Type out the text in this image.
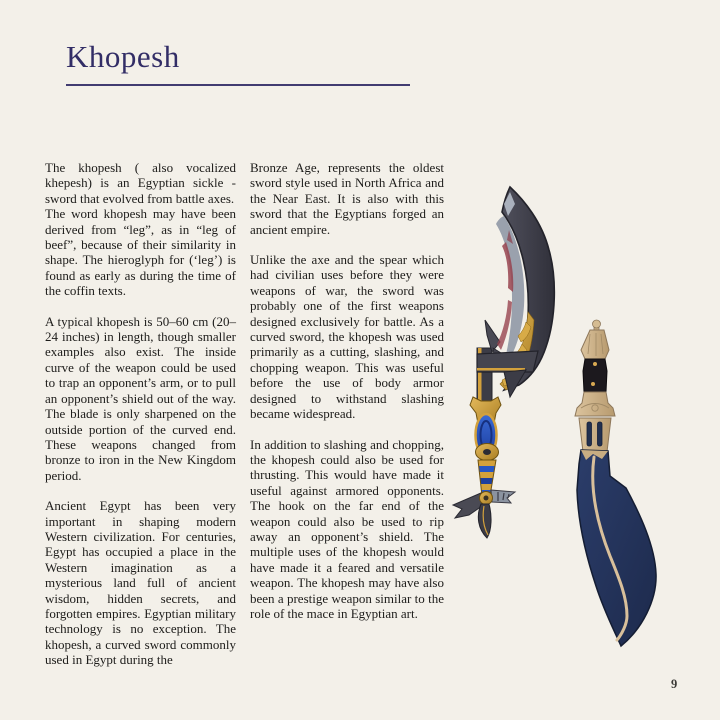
Khopesh

The khopesh ( also vocalized khepesh) is an Egyptian sickle -sword that evolved from battle axes.

The word khopesh may have been derived from “leg”, as in “leg of beef”, because of their similarity in shape. The hieroglyph for (‘leg’) is found as early as during the time of the coffin texts.

A typical khopesh is 50–60 cm (20–24 inches) in length, though smaller examples also exist. The inside curve of the weapon could be used to trap an opponent’s arm, or to pull an opponent’s shield out of the way. The blade is only sharpened on the outside portion of the curved end. These weapons changed from bronze to iron in the New Kingdom period.

Ancient Egypt has been very important in shaping modern Western civilization. For centuries, Egypt has occupied a place in the Western imagination as a mysterious land full of ancient wisdom, hidden secrets, and forgotten empires. Egyptian military technology is no exception. The khopesh, a curved sword commonly used in Egypt during the

Bronze Age, represents the oldest sword style used in North Africa and the Near East. It is also with this sword that the Egyptians forged an ancient empire.

Unlike the axe and the spear which had civilian uses before they were weapons of war, the sword was probably one of the first weapons designed exclusively for battle. As a curved sword, the khopesh was used primarily as a cutting, slashing, and chopping weapon. This was useful before the use of body armor designed to withstand slashing became widespread.

In addition to slashing and chopping, the khopesh could also be used for thrusting. This would have made it useful against armored opponents. The hook on the far end of the weapon could also be used to rip away an opponent’s shield. The multiple uses of the khopesh would have made it a feared and versatile weapon. The khopesh may have also been a prestige weapon similar to the role of the mace in Egyptian art.

9
